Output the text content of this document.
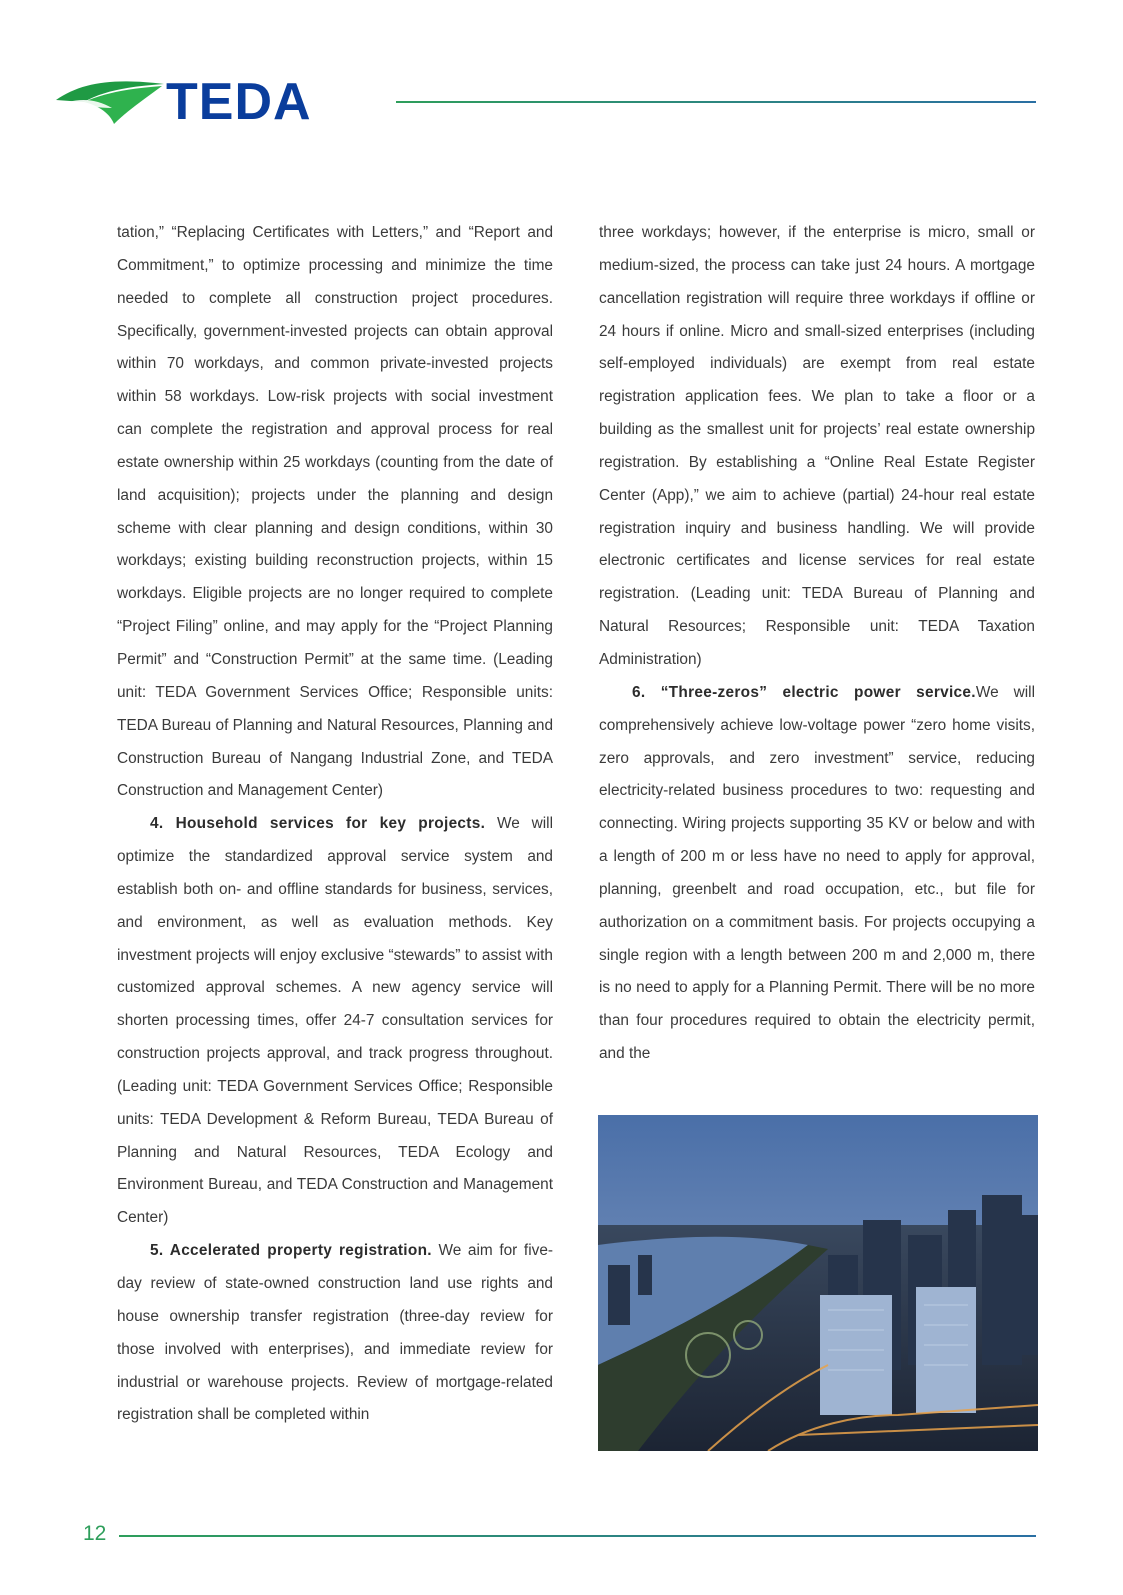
TEDA

tation,” “Replacing Certificates with Letters,” and “Report and Commitment,” to optimize processing and minimize the time needed to complete all construction project procedures. Specifically, government-invested projects can obtain approval within 70 workdays, and common private-invested projects within 58 workdays. Low-risk projects with social investment can complete the registration and approval process for real estate ownership within 25 workdays (counting from the date of land acquisition); projects under the planning and design scheme with clear planning and design conditions, within 30 workdays; existing building reconstruction projects, within 15 workdays. Eligible projects are no longer required to complete “Project Filing” online, and may apply for the “Project Planning Permit” and “Construction Permit” at the same time. (Leading unit: TEDA Government Services Office; Responsible units: TEDA Bureau of Planning and Natural Resources, Planning and Construction Bureau of Nangang Industrial Zone, and TEDA Construction and Management Center)

4. Household services for key projects. We will optimize the standardized approval service system and establish both on- and offline standards for business, services, and environment, as well as evaluation methods. Key investment projects will enjoy exclusive “stewards” to assist with customized approval schemes. A new agency service will shorten processing times, offer 24-7 consultation services for construction projects approval, and track progress throughout. (Leading unit: TEDA Government Services Office; Responsible units: TEDA Development & Reform Bureau, TEDA Bureau of Planning and Natural Resources, TEDA Ecology and Environment Bureau, and TEDA Construction and Management Center)

5. Accelerated property registration. We aim for five-day review of state-owned construction land use rights and house ownership transfer registration (three-day review for those involved with enterprises), and immediate review for industrial or warehouse projects. Review of mortgage-related registration shall be completed within

three workdays; however, if the enterprise is micro, small or medium-sized, the process can take just 24 hours. A mortgage cancellation registration will require three workdays if offline or 24 hours if online. Micro and small-sized enterprises (including self-employed individuals) are exempt from real estate registration application fees. We plan to take a floor or a building as the smallest unit for projects’ real estate ownership registration. By establishing a “Online Real Estate Register Center (App),” we aim to achieve (partial) 24-hour real estate registration inquiry and business handling. We will provide electronic certificates and license services for real estate registration. (Leading unit: TEDA Bureau of Planning and Natural Resources; Responsible unit: TEDA Taxation Administration)

6. “Three-zeros” electric power service.We will comprehensively achieve low-voltage power “zero home visits, zero approvals, and zero investment” service, reducing electricity-related business procedures to two: requesting and connecting. Wiring projects supporting 35 KV or below and with a length of 200 m or less have no need to apply for approval, planning, greenbelt and road occupation, etc., but file for authorization on a commitment basis. For projects occupying a single region with a length between 200 m and 2,000 m, there is no need to apply for a Planning Permit. There will be no more than four procedures required to obtain the electricity permit, and the

12
